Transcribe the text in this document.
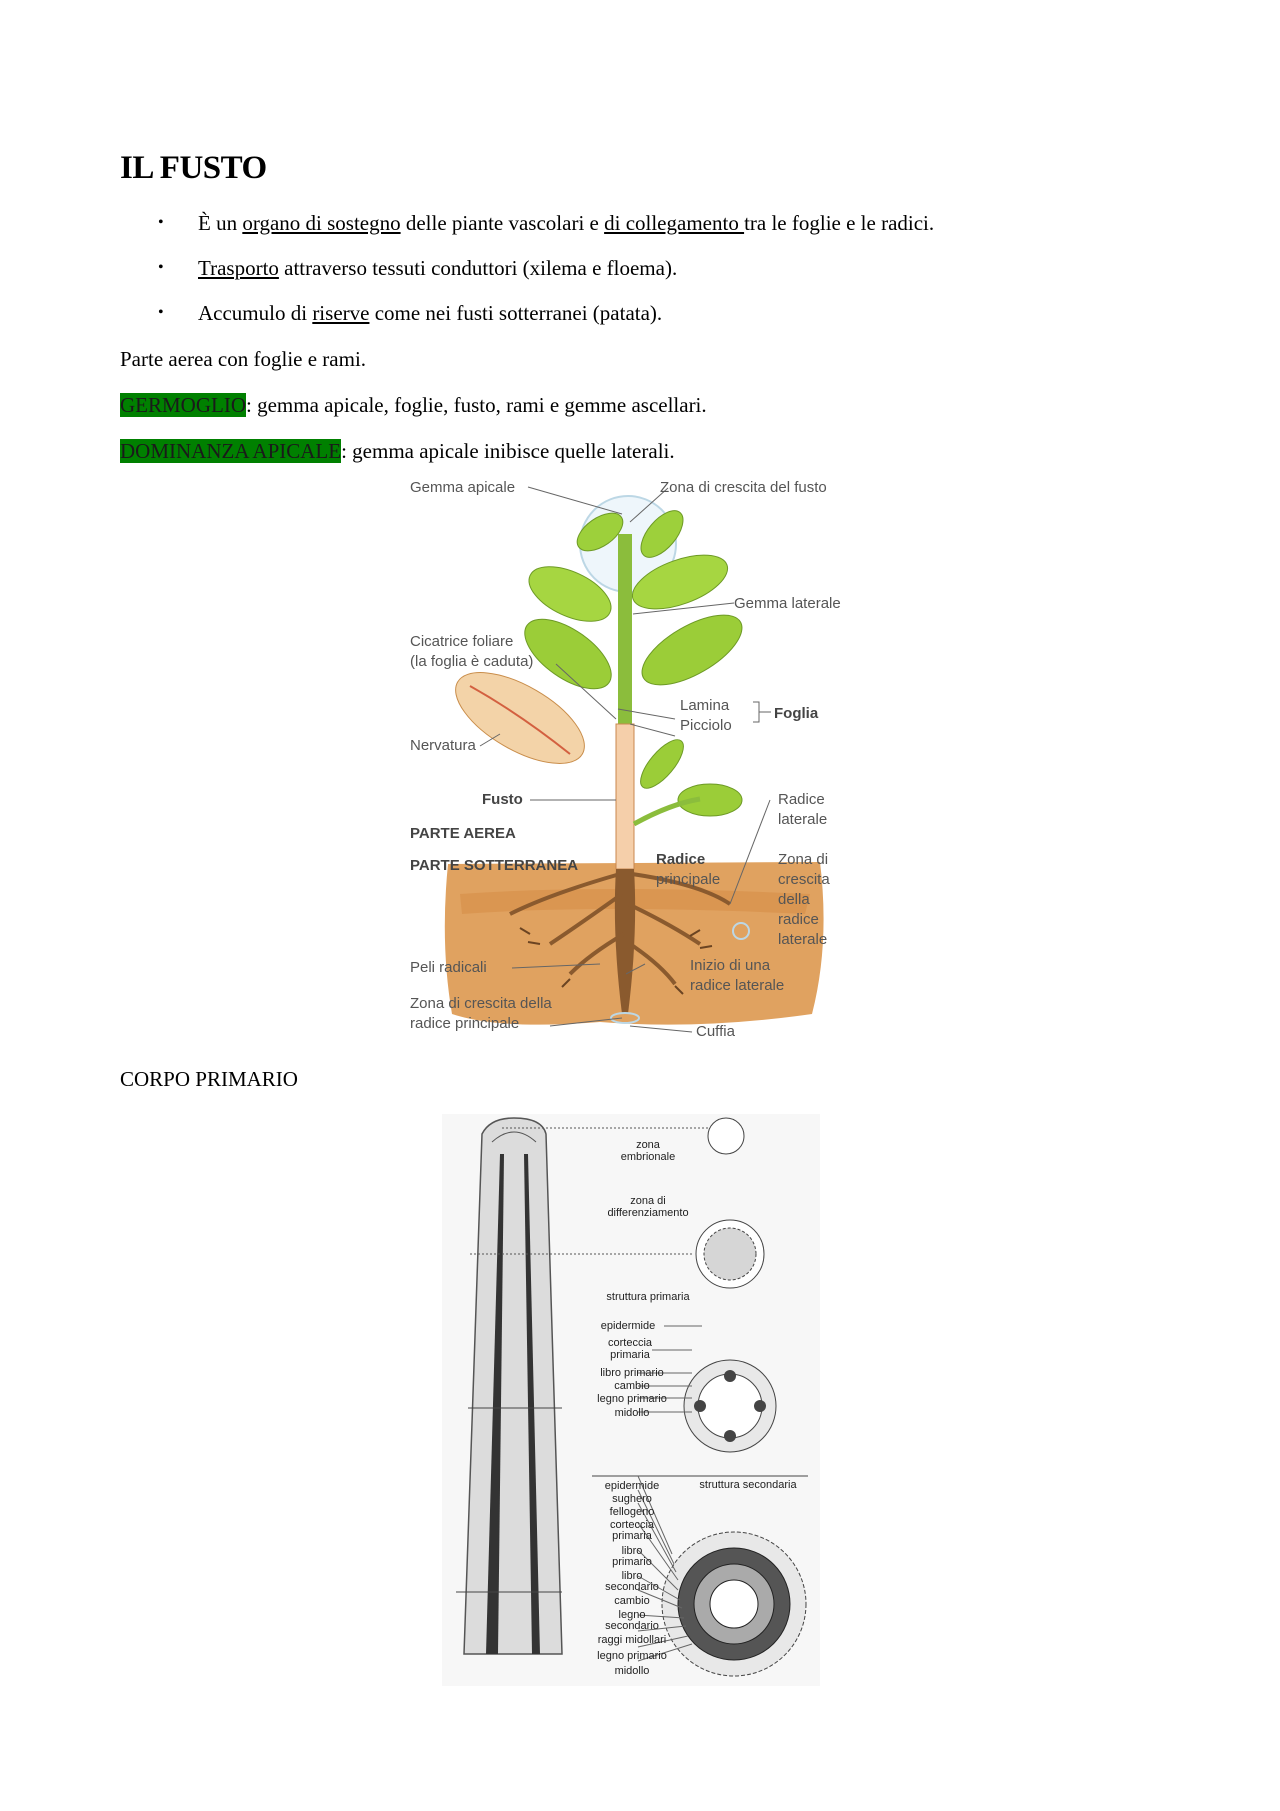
IL FUSTO
• È un organo di sostegno delle piante vascolari e di collegamento tra le foglie e le radici.
• Trasporto attraverso tessuti conduttori (xilema e floema).
• Accumulo di riserve come nei fusti sotterranei (patata).

Parte aerea con foglie e rami.

GERMOGLIO: gemma apicale, foglie, fusto, rami e gemme ascellari.

DOMINANZA APICALE: gemma apicale inibisce quelle laterali.

Gemma apicale	Zona di crescita del fusto
Gemma laterale
Cicatrice foliare
(la foglia è caduta)
Lamina
Picciolo
Foglia
Nervatura
Fusto	Radice
laterale
PARTE AEREA
PARTE SOTTERRANEA	Radice
principale
Zona di
crescita
della
radice
laterale
Peli radicali	Inizio di una
radice laterale
Zona di crescita della
radice principale	Cuffia
CORPO PRIMARIO
zona
embrionale
zona di
differenziamento
struttura primaria
epidermide
corteccia
primaria
libro primario
cambio
legno primario
midollo
struttura secondaria
epidermide
sughero
fellogeno
corteccia
primaria
libro
primario
libro
secondario
cambio
legno
secondario
raggi midollari
legno primario
midollo
